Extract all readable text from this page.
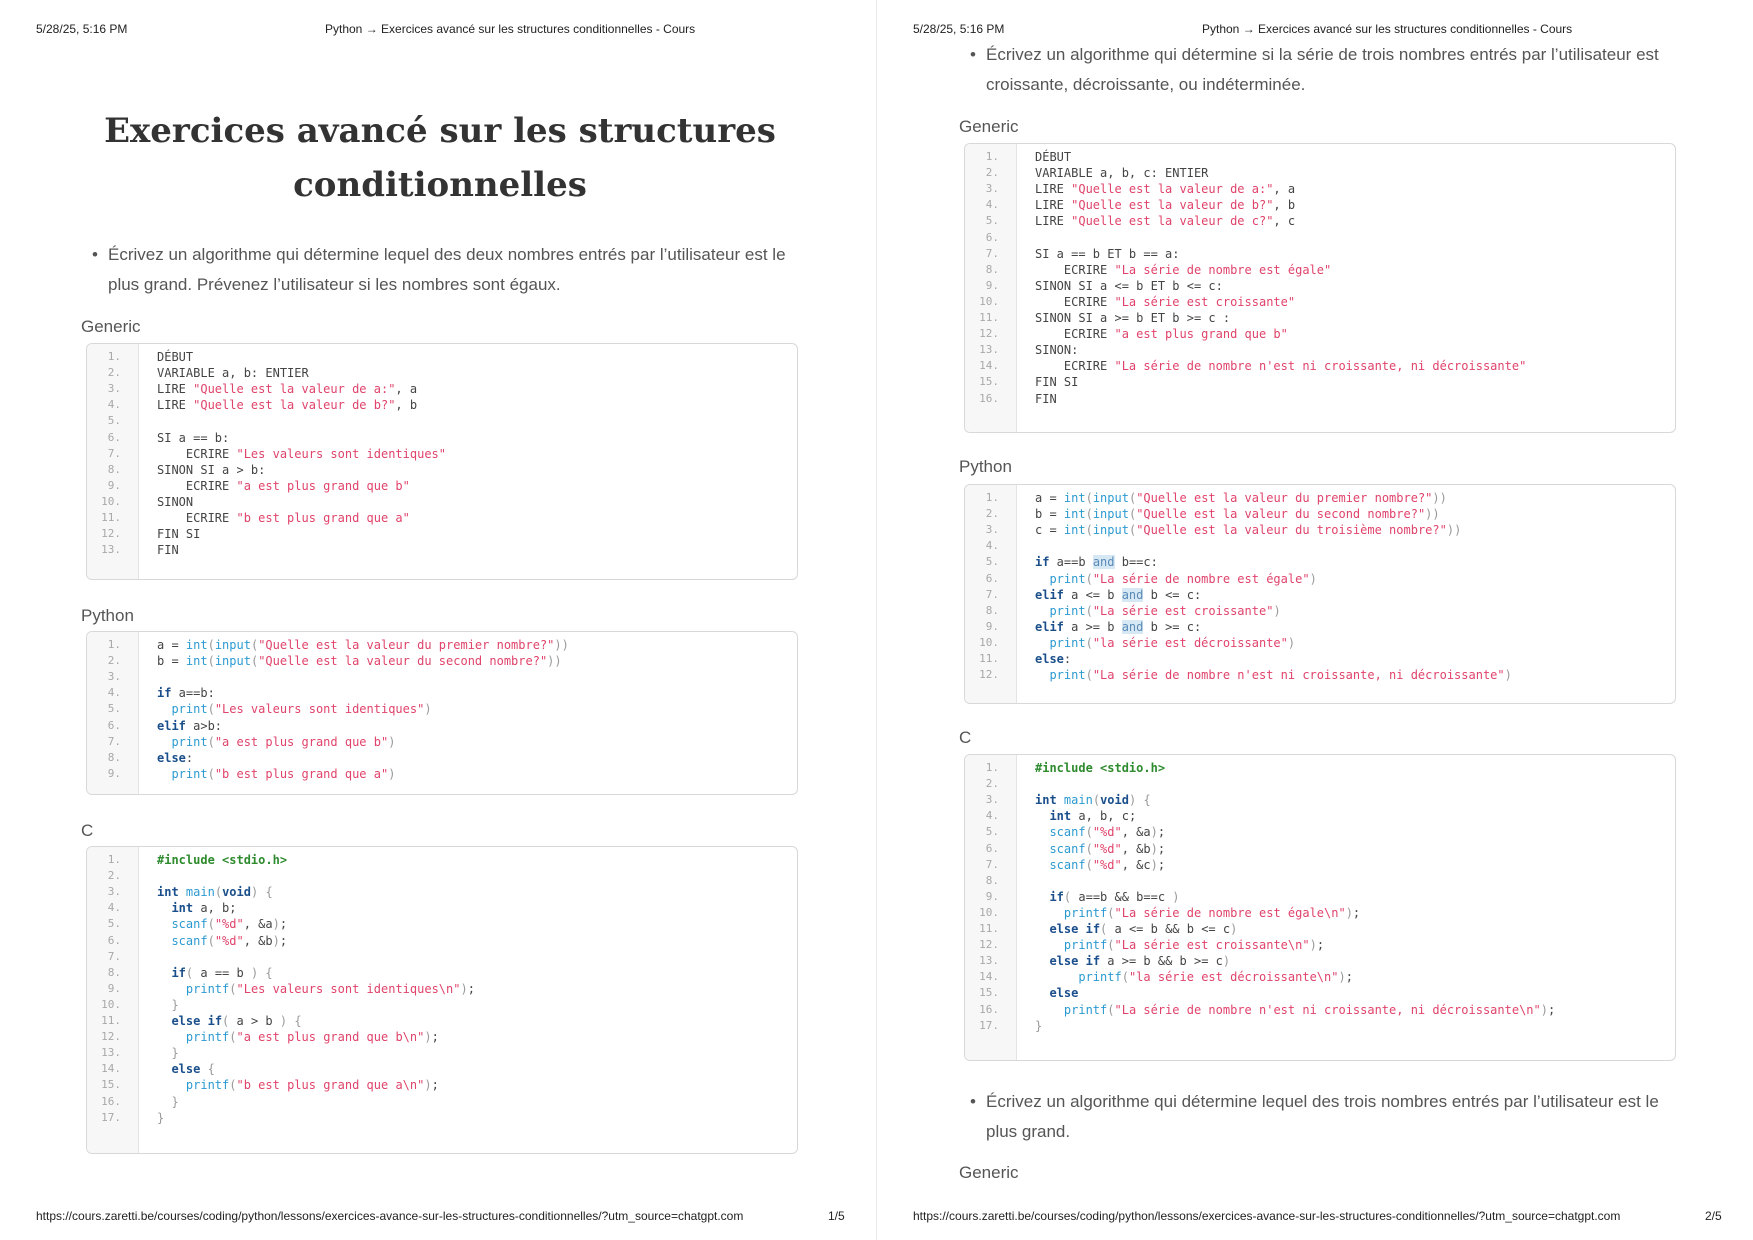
5/28/25, 5:16 PM	Python → Exercices avancé sur les structures conditionnelles - Cours
Exercices avancé sur les structures
conditionnelles
• Écrivez un algorithme qui détermine lequel des deux nombres entrés par l’utilisateur est le
plus grand. Prévenez l’utilisateur si les nombres sont égaux.
Generic
1.	DÉBUT
2.	VARIABLE a, b: ENTIER
3.	LIRE "Quelle est la valeur de a:", a
4.	LIRE "Quelle est la valeur de b?", b
5.
6.	SI a == b:
7.	ECRIRE "Les valeurs sont identiques"
8.	SINON SI a > b:
9.	ECRIRE "a est plus grand que b"
10.	SINON
11.	ECRIRE "b est plus grand que a"
12.	FIN SI
13.	FIN
Python
1.	a = int(input("Quelle est la valeur du premier nombre?"))
2.	b = int(input("Quelle est la valeur du second nombre?"))
3.
4.	if a==b:
5.	print("Les valeurs sont identiques")
6.	elif a>b:
7.	print("a est plus grand que b")
8.	else:
9.	print("b est plus grand que a")
C
1.	#include <stdio.h>
2.
3.	int main(void) {
4.	int a, b;
5.	scanf("%d", &a);
6.	scanf("%d", &b);
7.
8.	if( a == b ) {
9.	printf("Les valeurs sont identiques\n");
10.	}
11.	else if( a > b ) {
12.	printf("a est plus grand que b\n");
13.	}
14.	else {
15.	printf("b est plus grand que a\n");
16.	}
17.	}
https://cours.zaretti.be/courses/coding/python/lessons/exercices-avance-sur-les-structures-conditionnelles/?utm_source=chatgpt.com	1/5
5/28/25, 5:16 PM	Python → Exercices avancé sur les structures conditionnelles - Cours
• Écrivez un algorithme qui détermine si la série de trois nombres entrés par l’utilisateur est
croissante, décroissante, ou indéterminée.
Generic
1.	DÉBUT
2.	VARIABLE a, b, c: ENTIER
3.	LIRE "Quelle est la valeur de a:", a
4.	LIRE "Quelle est la valeur de b?", b
5.	LIRE "Quelle est la valeur de c?", c
6.
7.	SI a == b ET b == a:
8.	ECRIRE "La série de nombre est égale"
9.	SINON SI a <= b ET b <= c:
10.	ECRIRE "La série est croissante"
11.	SINON SI a >= b ET b >= c :
12.	ECRIRE "a est plus grand que b"
13.	SINON:
14.	ECRIRE "La série de nombre n'est ni croissante, ni décroissante"
15.	FIN SI
16.	FIN
Python
1.	a = int(input("Quelle est la valeur du premier nombre?"))
2.	b = int(input("Quelle est la valeur du second nombre?"))
3.	c = int(input("Quelle est la valeur du troisième nombre?"))
4.
5.	if a==b and b==c:
6.	print("La série de nombre est égale")
7.	elif a <= b and b <= c:
8.	print("La série est croissante")
9.	elif a >= b and b >= c:
10.	print("la série est décroissante")
11.	else:
12.	print("La série de nombre n'est ni croissante, ni décroissante")
C
1.	#include <stdio.h>
2.
3.	int main(void) {
4.	int a, b, c;
5.	scanf("%d", &a);
6.	scanf("%d", &b);
7.	scanf("%d", &c);
8.
9.	if( a==b && b==c )
10.	printf("La série de nombre est égale\n");
11.	else if( a <= b && b <= c)
12.	printf("La série est croissante\n");
13.	else if a >= b && b >= c)
14.	printf("la série est décroissante\n");
15.	else
16.	printf("La série de nombre n'est ni croissante, ni décroissante\n");
17.	}
• Écrivez un algorithme qui détermine lequel des trois nombres entrés par l’utilisateur est le
plus grand.
Generic
https://cours.zaretti.be/courses/coding/python/lessons/exercices-avance-sur-les-structures-conditionnelles/?utm_source=chatgpt.com	2/5
